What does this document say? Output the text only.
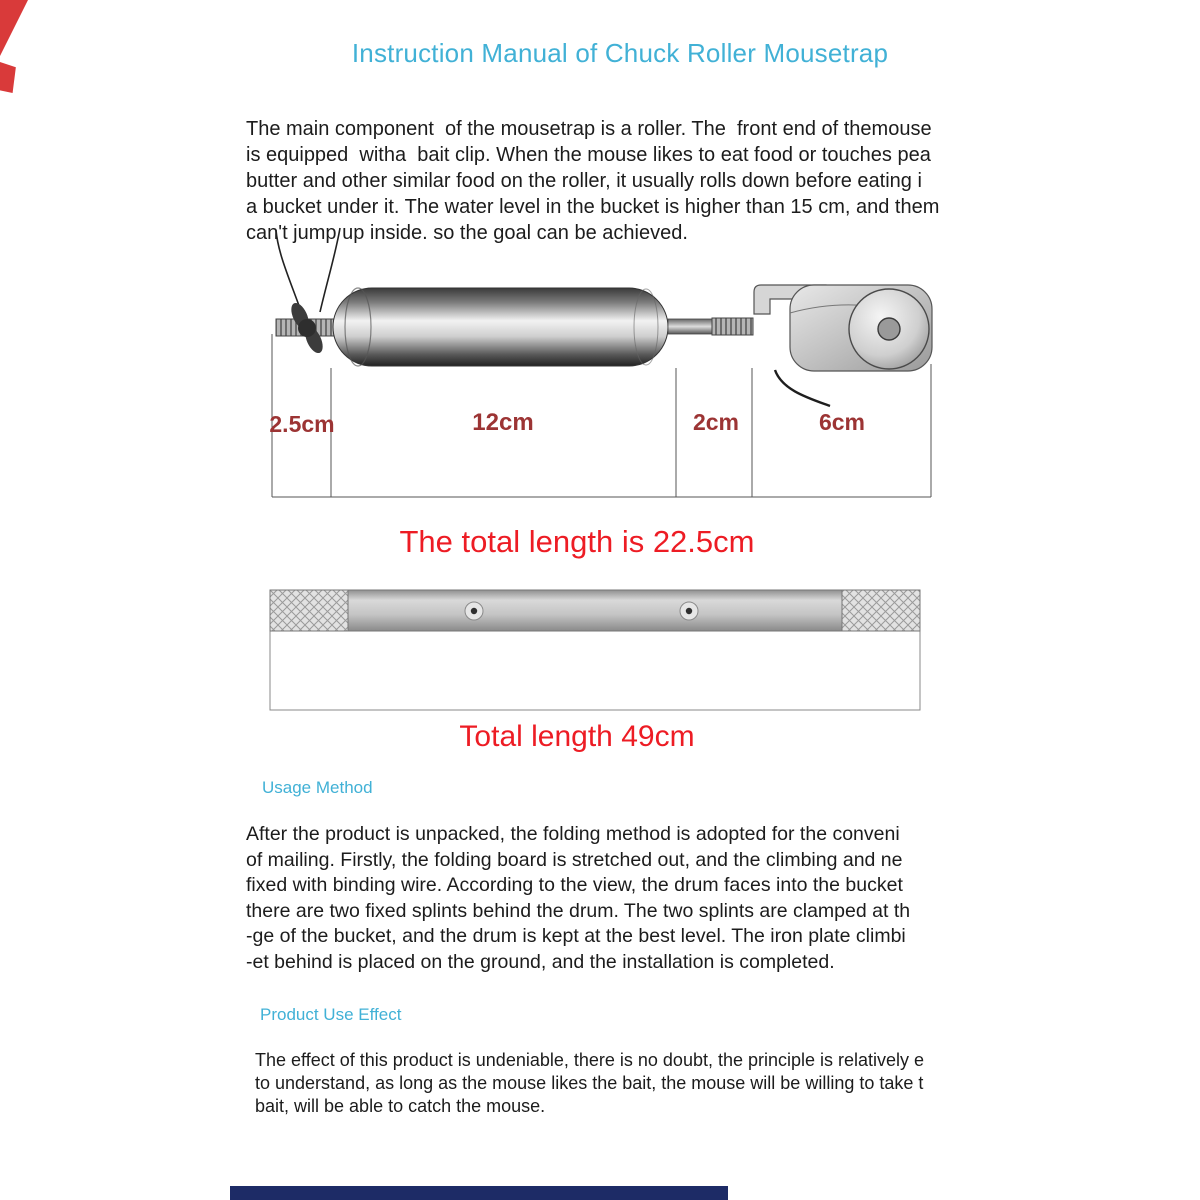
Instruction Manual of Chuck Roller Mousetrap
The main component  of the mousetrap is a roller. The  front end of themouse
is equipped  witha  bait clip. When the mouse likes to eat food or touches pea
butter and other similar food on the roller, it usually rolls down before eating i
a bucket under it. The water level in the bucket is higher than 15 cm, and them
can't jump up inside. so the goal can be achieved.
2.5cm	12cm	2cm	6cm
The total length is 22.5cm
Total length 49cm
Usage Method
After the product is unpacked, the folding method is adopted for the conveni
of mailing. Firstly, the folding board is stretched out, and the climbing and ne
fixed with binding wire. According to the view, the drum faces into the bucket
there are two fixed splints behind the drum. The two splints are clamped at th
-ge of the bucket, and the drum is kept at the best level. The iron plate climbi
-et behind is placed on the ground, and the installation is completed.
Product Use Effect
The effect of this product is undeniable, there is no doubt, the principle is relatively e
to understand, as long as the mouse likes the bait, the mouse will be willing to take t
bait, will be able to catch the mouse.
